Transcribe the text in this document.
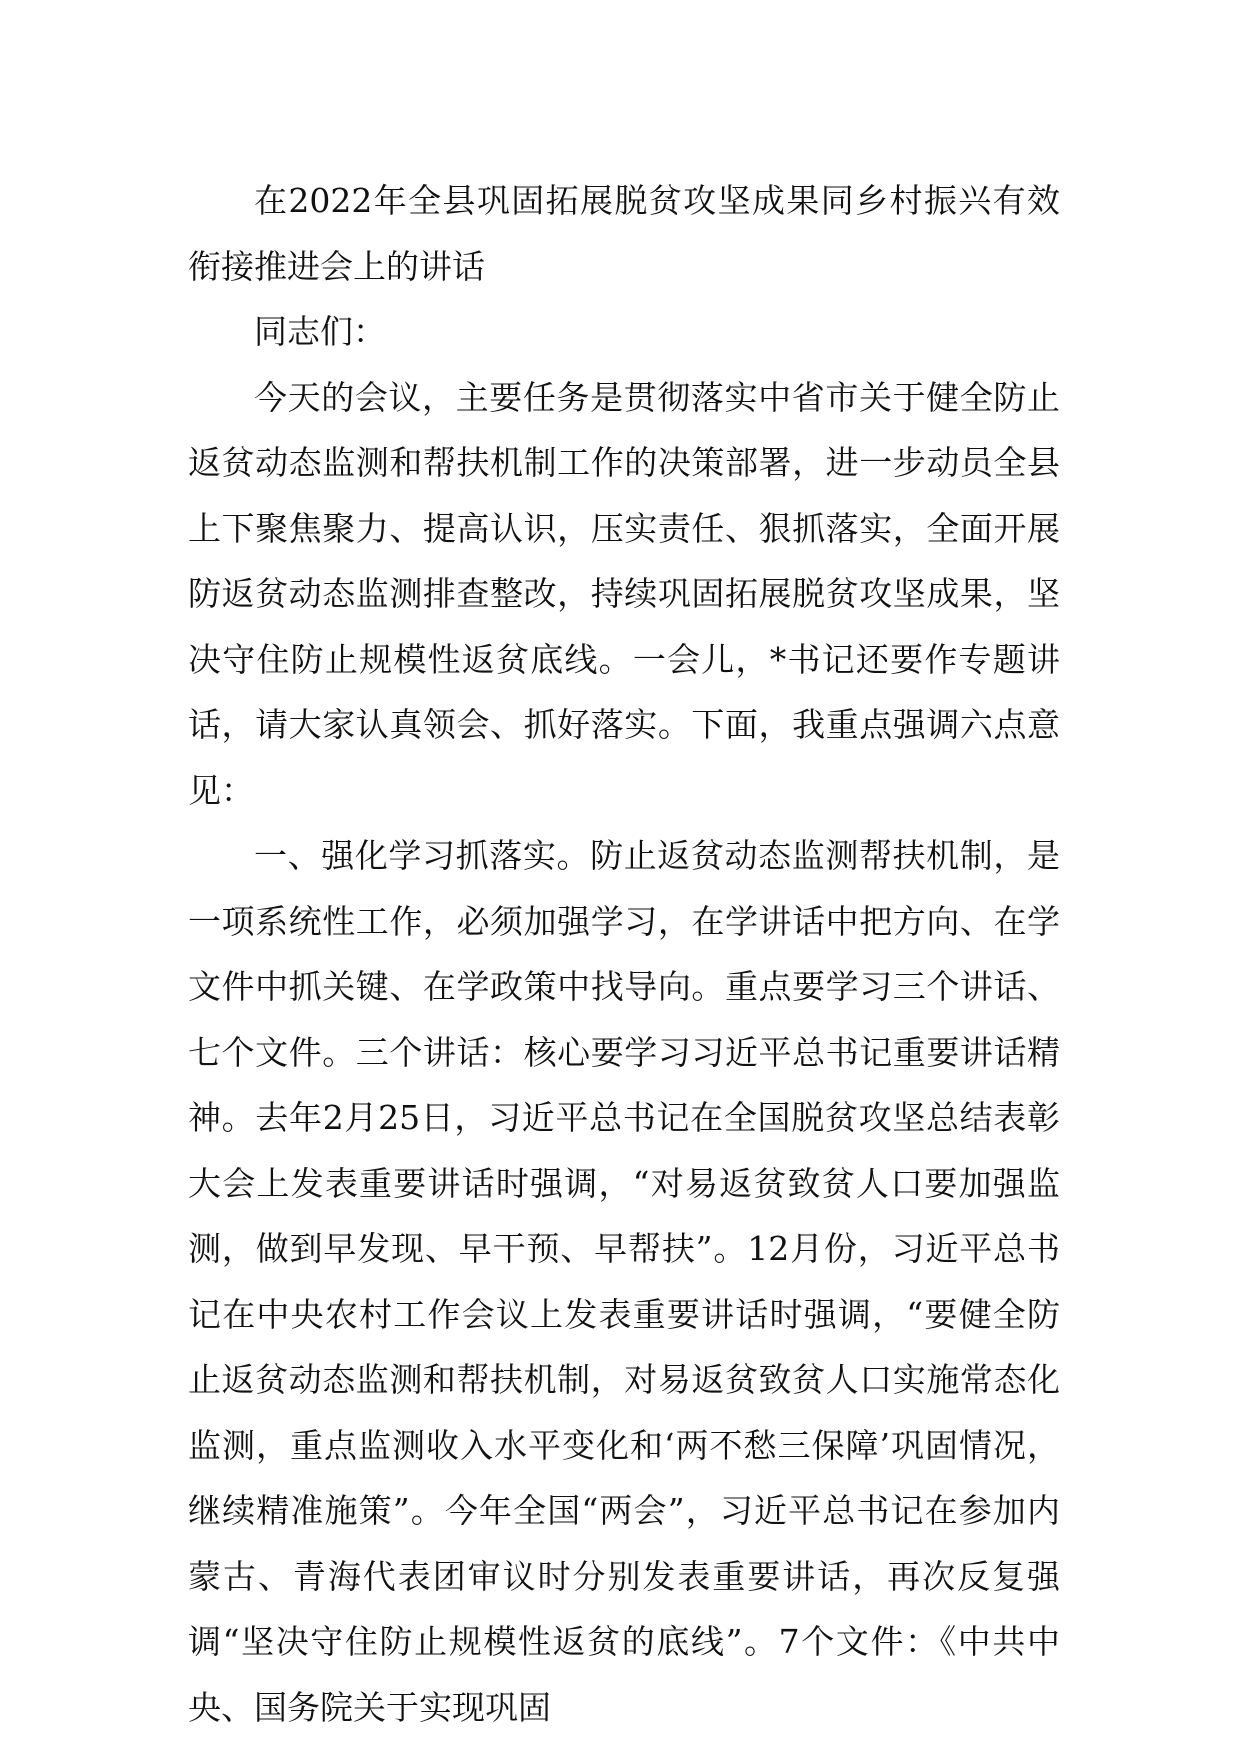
在2022年全县巩固拓展脱贫攻坚成果同乡村振兴有效衔接推进会上的讲话

同志们：

今天的会议，主要任务是贯彻落实中省市关于健全防止返贫动态监测和帮扶机制工作的决策部署，进一步动员全县上下聚焦聚力、提高认识，压实责任、狠抓落实，全面开展防返贫动态监测排查整改，持续巩固拓展脱贫攻坚成果，坚决守住防止规模性返贫底线。一会儿，*书记还要作专题讲话，请大家认真领会、抓好落实。下面，我重点强调六点意见：

一、强化学习抓落实。防止返贫动态监测帮扶机制，是一项系统性工作，必须加强学习，在学讲话中把方向、在学文件中抓关键、在学政策中找导向。重点要学习三个讲话、七个文件。三个讲话：核心要学习习近平总书记重要讲话精神。去年2月25日，习近平总书记在全国脱贫攻坚总结表彰大会上发表重要讲话时强调，“对易返贫致贫人口要加强监测，做到早发现、早干预、早帮扶”。12月份，习近平总书记在中央农村工作会议上发表重要讲话时强调，“要健全防止返贫动态监测和帮扶机制，对易返贫致贫人口实施常态化监测，重点监测收入水平变化和‘两不愁三保障’巩固情况，继续精准施策”。今年全国“两会”，习近平总书记在参加内蒙古、青海代表团审议时分别发表重要讲话，再次反复强调“坚决守住防止规模性返贫的底线”。7个文件：《中共中央、国务院关于实现巩固
